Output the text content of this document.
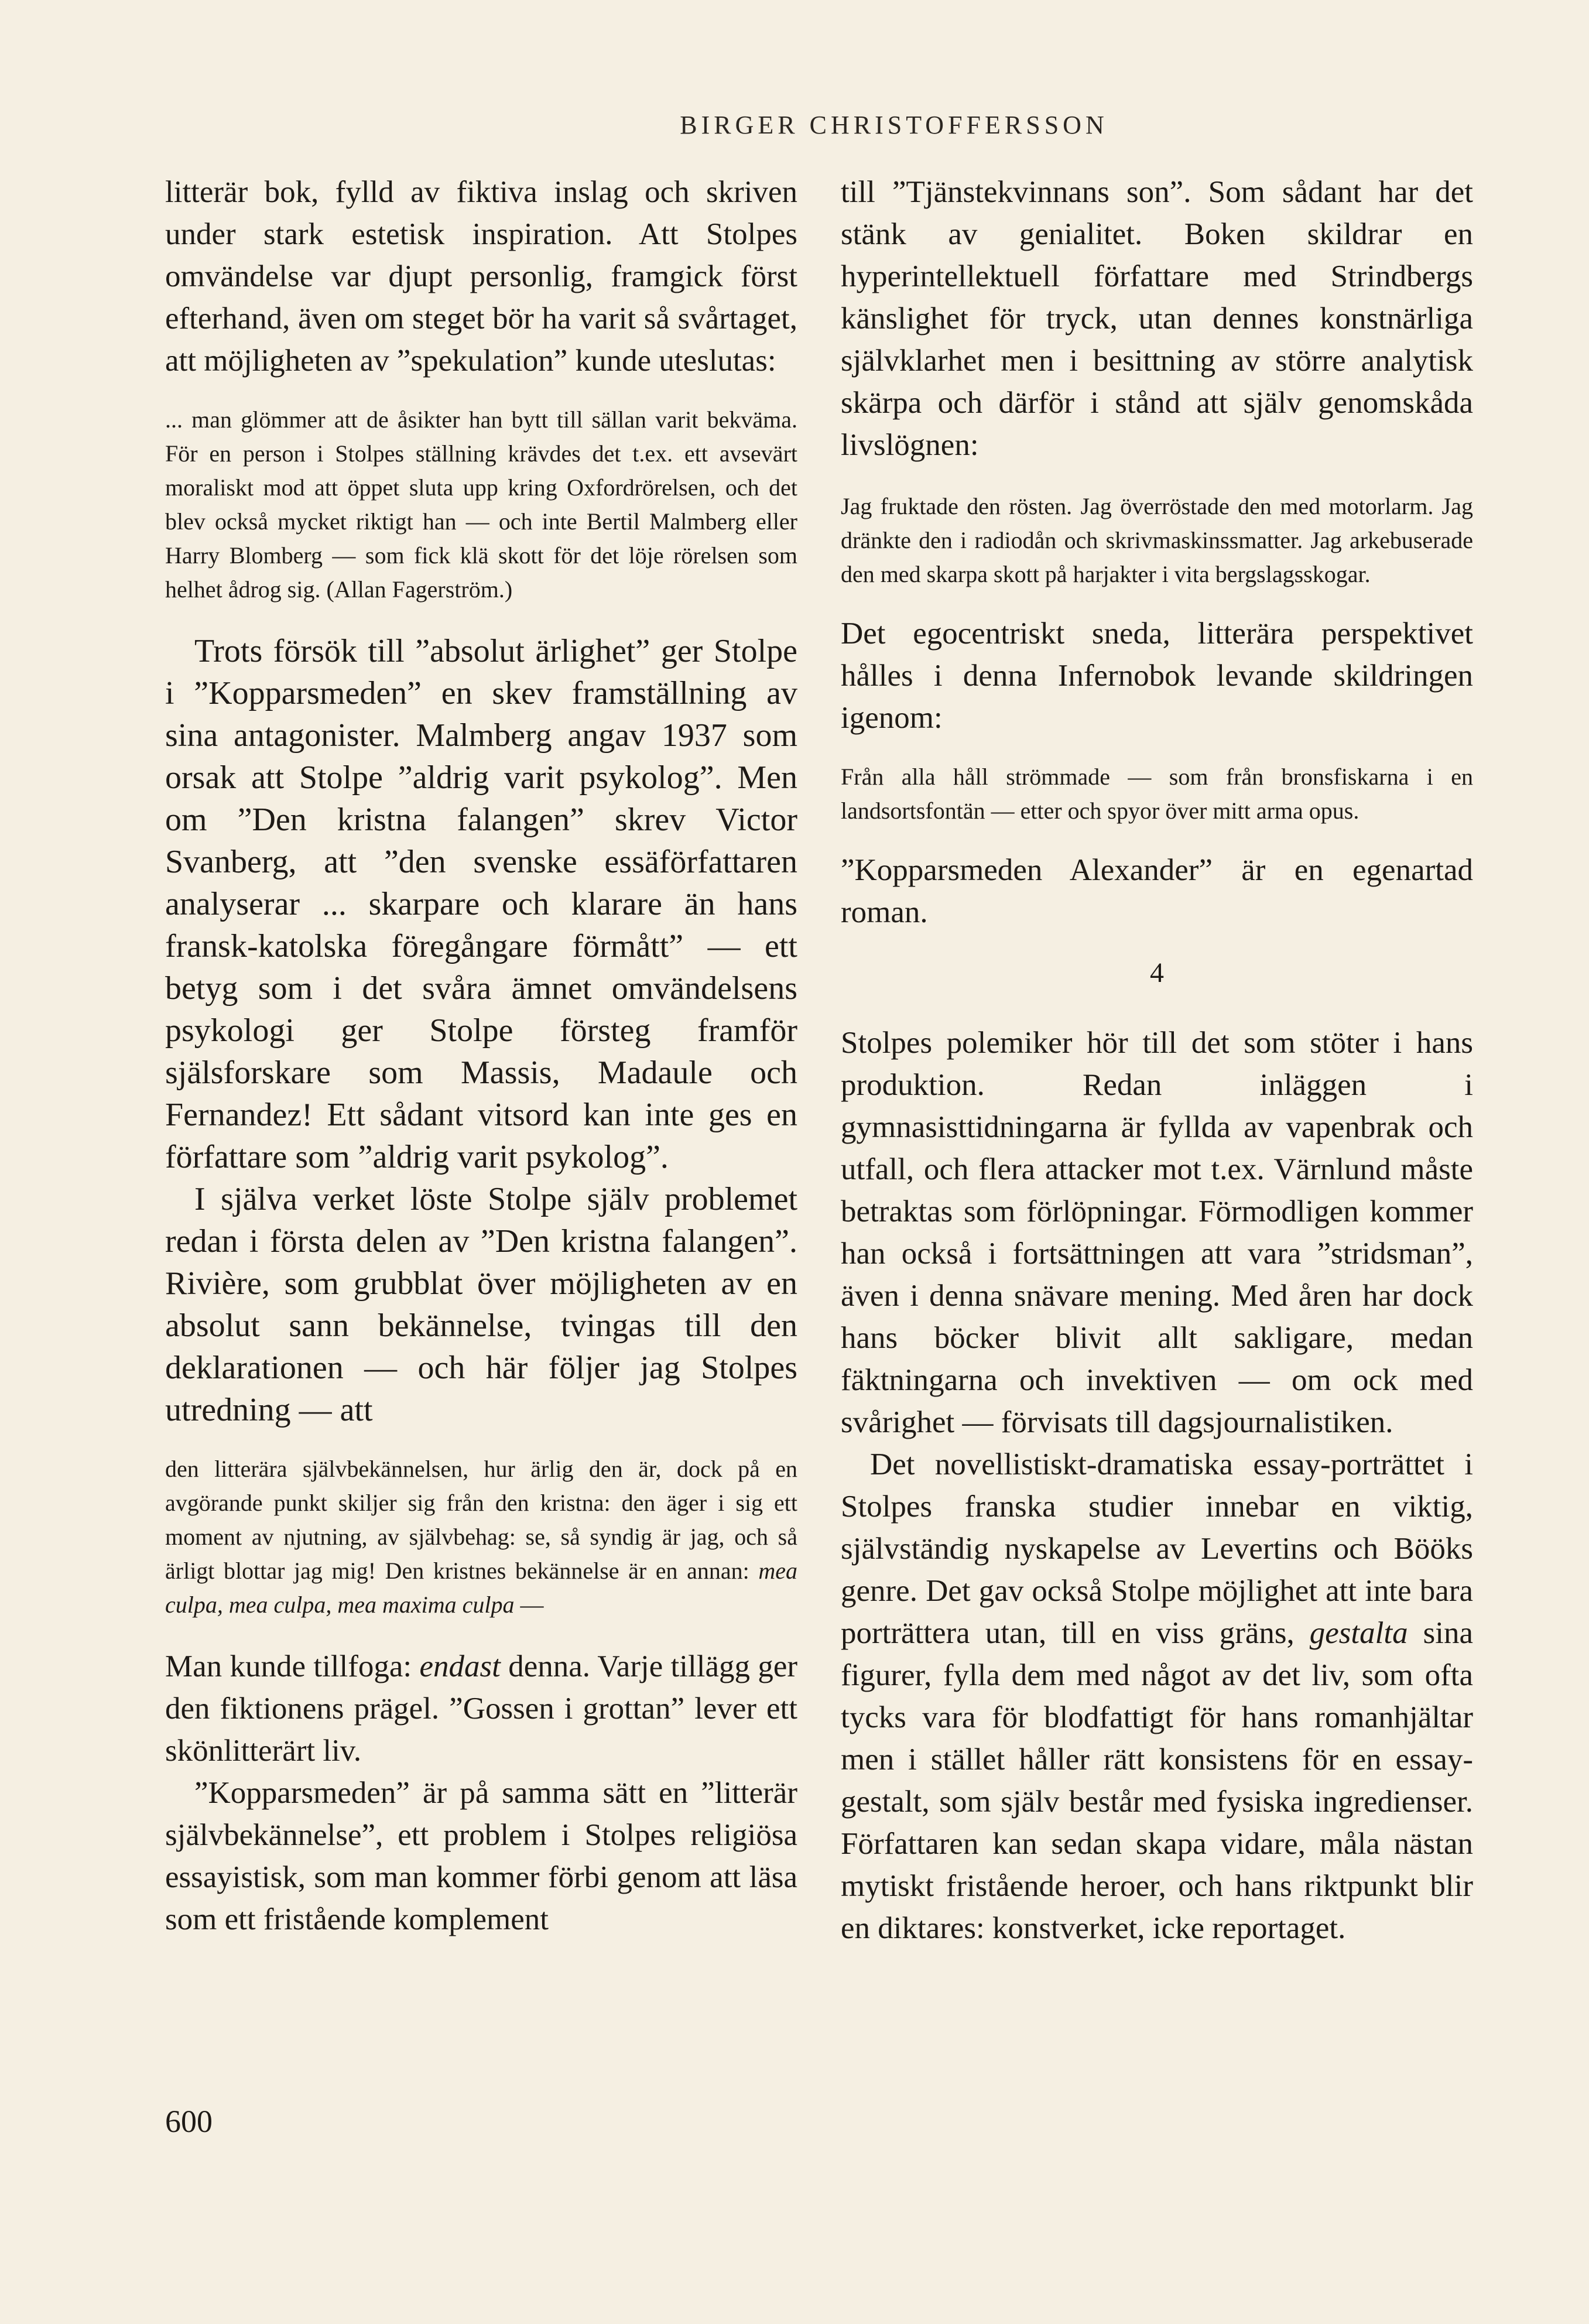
BIRGER CHRISTOFFERSSON

litterär bok, fylld av fiktiva inslag och skriven under stark estetisk inspiration. Att Stolpes omvändelse var djupt personlig, framgick först efterhand, även om steget bör ha varit så svårtaget, att möjligheten av ”spekulation” kunde uteslutas:

... man glömmer att de åsikter han bytt till sällan varit bekväma. För en person i Stolpes ställning krävdes det t.ex. ett avsevärt moraliskt mod att öppet sluta upp kring Oxfordrörelsen, och det blev också mycket riktigt han — och inte Bertil Malmberg eller Harry Blomberg — som fick klä skott för det löje rörelsen som helhet ådrog sig. (Allan Fagerström.)

Trots försök till ”absolut ärlighet” ger Stolpe i ”Kopparsmeden” en skev framställning av sina antagonister. Malmberg angav 1937 som orsak att Stolpe ”aldrig varit psykolog”. Men om ”Den kristna falangen” skrev Victor Svanberg, att ”den svenske essäförfattaren analyserar ... skarpare och klarare än hans fransk-katolska föregångare förmått” — ett betyg som i det svåra ämnet omvändelsens psykologi ger Stolpe försteg framför själsforskare som Massis, Madaule och Fernandez! Ett sådant vitsord kan inte ges en författare som ”aldrig varit psykolog”.

I själva verket löste Stolpe själv problemet redan i första delen av ”Den kristna falangen”. Rivière, som grubblat över möjligheten av en absolut sann bekännelse, tvingas till den deklarationen — och här följer jag Stolpes utredning — att

den litterära självbekännelsen, hur ärlig den är, dock på en avgörande punkt skiljer sig från den kristna: den äger i sig ett moment av njutning, av självbehag: se, så syndig är jag, och så ärligt blottar jag mig! Den kristnes bekännelse är en annan: mea culpa, mea culpa, mea maxima culpa —

Man kunde tillfoga: endast denna. Varje tillägg ger den fiktionens prägel. ”Gossen i grottan” lever ett skönlitterärt liv.

”Kopparsmeden” är på samma sätt en ”litterär självbekännelse”, ett problem i Stolpes religiösa essayistisk, som man kommer förbi genom att läsa som ett fristående komplement

till ”Tjänstekvinnans son”. Som sådant har det stänk av genialitet. Boken skildrar en hyperintellektuell författare med Strindbergs känslighet för tryck, utan dennes konstnärliga självklarhet men i besittning av större analytisk skärpa och därför i stånd att själv genomskåda livslögnen:

Jag fruktade den rösten. Jag överröstade den med motorlarm. Jag dränkte den i radiodån och skrivmaskinssmatter. Jag arkebuserade den med skarpa skott på harjakter i vita bergslagsskogar.

Det egocentriskt sneda, litterära perspektivet hålles i denna Infernobok levande skildringen igenom:

Från alla håll strömmade — som från bronsfiskarna i en landsortsfontän — etter och spyor över mitt arma opus.

”Kopparsmeden Alexander” är en egenartad roman.

4

Stolpes polemiker hör till det som stöter i hans produktion. Redan inläggen i gymnasisttidningarna är fyllda av vapenbrak och utfall, och flera attacker mot t.ex. Värnlund måste betraktas som förlöpningar. Förmodligen kommer han också i fortsättningen att vara ”stridsman”, även i denna snävare mening. Med åren har dock hans böcker blivit allt sakligare, medan fäktningarna och invektiven — om ock med svårighet — förvisats till dagsjournalistiken.

Det novellistiskt-dramatiska essay-porträttet i Stolpes franska studier innebar en viktig, självständig nyskapelse av Levertins och Bööks genre. Det gav också Stolpe möjlighet att inte bara porträttera utan, till en viss gräns, gestalta sina figurer, fylla dem med något av det liv, som ofta tycks vara för blodfattigt för hans romanhjältar men i stället håller rätt konsistens för en essay-gestalt, som själv består med fysiska ingredienser. Författaren kan sedan skapa vidare, måla nästan mytiskt fristående heroer, och hans riktpunkt blir en diktares: konstverket, icke reportaget.

600
